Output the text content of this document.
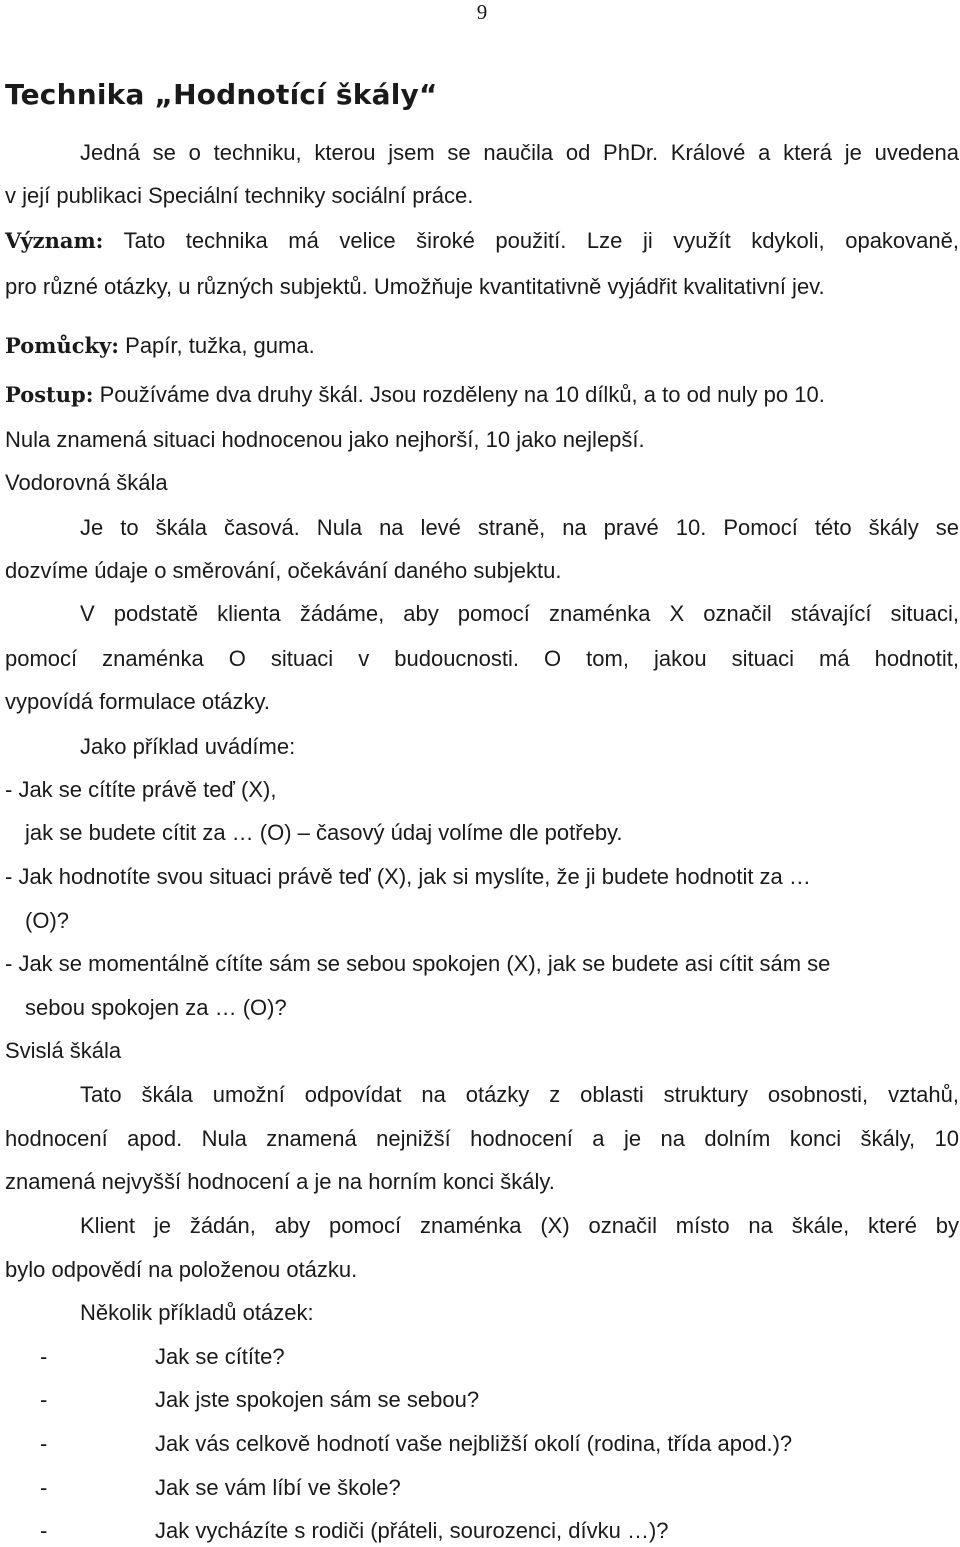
9
Technika „Hodnotící škály“
Jedná se o techniku, kterou jsem se naučila od PhDr. Králové a která je uvedena
v její publikaci Speciální techniky sociální práce.
Význam: Tato technika má velice široké použití. Lze ji využít kdykoli, opakovaně,
pro různé otázky, u různých subjektů. Umožňuje kvantitativně vyjádřit kvalitativní jev.
Pomůcky: Papír, tužka, guma.
Postup: Používáme dva druhy škál. Jsou rozděleny na 10 dílků, a to od nuly po 10.
Nula znamená situaci hodnocenou jako nejhorší, 10 jako nejlepší.
Vodorovná škála
Je to škála časová. Nula na levé straně, na pravé 10. Pomocí této škály se
dozvíme údaje o směrování, očekávání daného subjektu.
V podstatě klienta žádáme, aby pomocí znaménka X označil stávající situaci,
pomocí znaménka O situaci v budoucnosti. O tom, jakou situaci má hodnotit,
vypovídá formulace otázky.
Jako příklad uvádíme:
- Jak se cítíte právě teď (X),
jak se budete cítit za … (O) – časový údaj volíme dle potřeby.
- Jak hodnotíte svou situaci právě teď (X), jak si myslíte, že ji budete hodnotit za …
(O)?
- Jak se momentálně cítíte sám se sebou spokojen (X), jak se budete asi cítit sám se
sebou spokojen za … (O)?
Svislá škála
Tato škála umožní odpovídat na otázky z oblasti struktury osobnosti, vztahů,
hodnocení apod. Nula znamená nejnižší hodnocení a je na dolním konci škály, 10
znamená nejvyšší hodnocení a je na horním konci škály.
Klient je žádán, aby pomocí znaménka (X) označil místo na škále, které by
bylo odpovědí na položenou otázku.
Několik příkladů otázek:
-	Jak se cítíte?
-	Jak jste spokojen sám se sebou?
-	Jak vás celkově hodnotí vaše nejbližší okolí (rodina, třída apod.)?
-	Jak se vám líbí ve škole?
-	Jak vycházíte s rodiči (přáteli, sourozenci, dívku …)?
